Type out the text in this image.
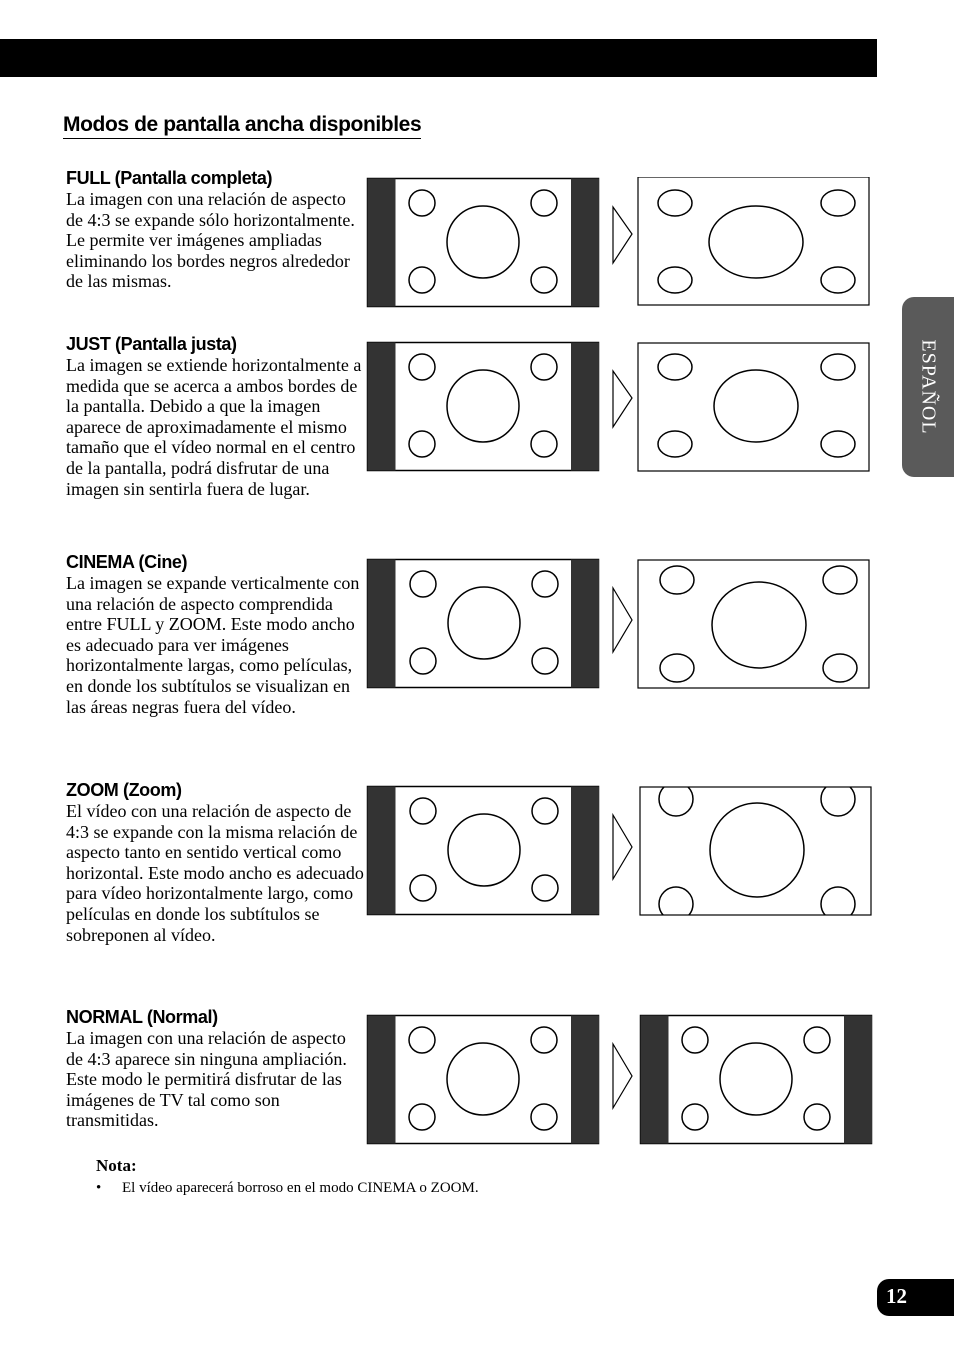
Modos de pantalla ancha disponibles
ESPAÑOL
FULL (Pantalla completa)

La imagen con una relación de aspecto de 4:3 se expande sólo horizontalmente. Le permite ver imágenes ampliadas eliminando los bordes negros alrededor de las mismas.

JUST (Pantalla justa)

La imagen se extiende horizontalmente a medida que se acerca a ambos bordes de la pantalla. Debido a que la imagen aparece de aproximadamente el mismo tamaño que el vídeo normal en el centro de la pantalla, podrá disfrutar de una imagen sin sentirla fuera de lugar.

CINEMA (Cine)

La imagen se expande verticalmente con una relación de aspecto comprendida entre FULL y ZOOM. Este modo ancho es adecuado para ver imágenes horizontalmente largas, como películas, en donde los subtítulos se visualizan en las áreas negras fuera del vídeo.

ZOOM (Zoom)

El vídeo con una relación de aspecto de 4:3 se expande con la misma relación de aspecto tanto en sentido vertical como horizontal. Este modo ancho es adecuado para vídeo horizontalmente largo, como películas en donde los subtítulos se sobreponen al vídeo.

NORMAL (Normal)

La imagen con una relación de aspecto de 4:3 aparece sin ninguna ampliación. Este modo le permitirá disfrutar de las imágenes de TV tal como son transmitidas.

Nota:
• El vídeo aparecerá borroso en el modo CINEMA o ZOOM.
12
